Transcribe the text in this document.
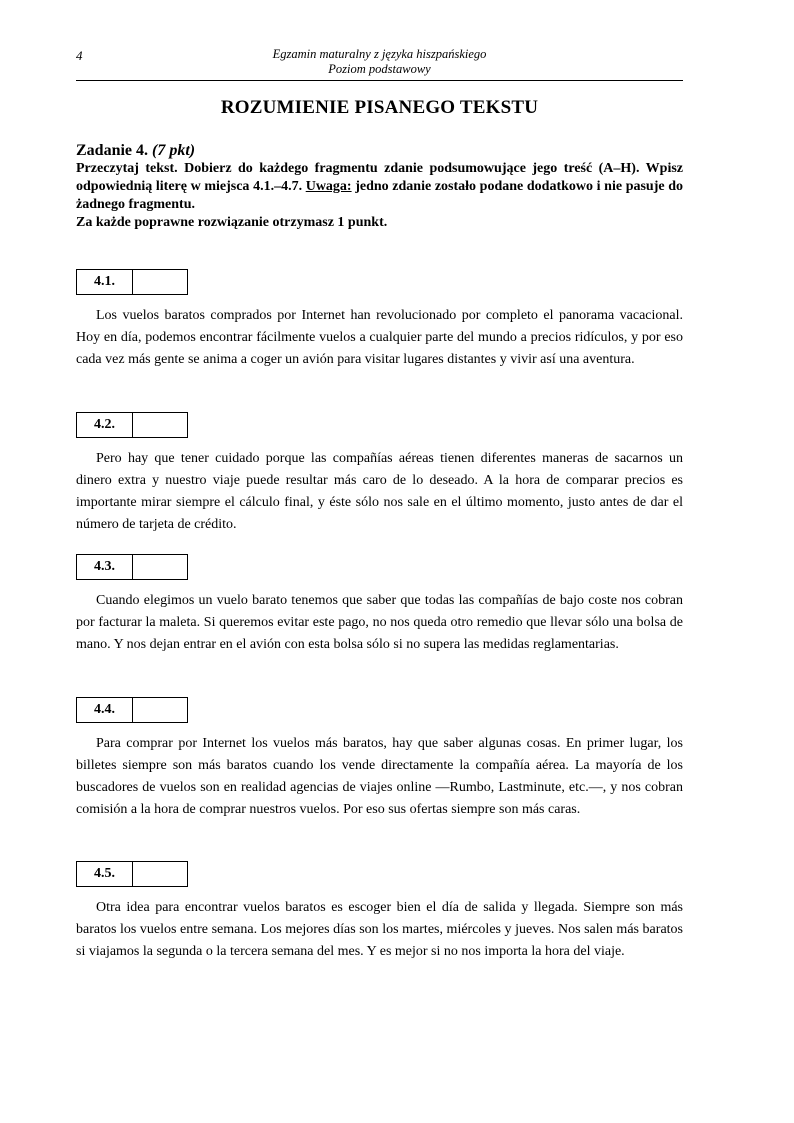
4	Egzamin maturalny z języka hiszpańskiego
Poziom podstawowy
ROZUMIENIE PISANEGO TEKSTU
Zadanie 4. (7 pkt)
Przeczytaj tekst. Dobierz do każdego fragmentu zdanie podsumowujące jego treść (A–H). Wpisz odpowiednią literę w miejsca 4.1.–4.7. Uwaga: jedno zdanie zostało podane dodatkowo i nie pasuje do żadnego fragmentu.
Za każde poprawne rozwiązanie otrzymasz 1 punkt.
4.1.

Los vuelos baratos comprados por Internet han revolucionado por completo el panorama vacacional. Hoy en día, podemos encontrar fácilmente vuelos a cualquier parte del mundo a precios ridículos, y por eso cada vez más gente se anima a coger un avión para visitar lugares distantes y vivir así una aventura.

4.2.

Pero hay que tener cuidado porque las compañías aéreas tienen diferentes maneras de sacarnos un dinero extra y nuestro viaje puede resultar más caro de lo deseado. A la hora de comparar precios es importante mirar siempre el cálculo final, y éste sólo nos sale en el último momento, justo antes de dar el número de tarjeta de crédito.

4.3.

Cuando elegimos un vuelo barato tenemos que saber que todas las compañías de bajo coste nos cobran por facturar la maleta. Si queremos evitar este pago, no nos queda otro remedio que llevar sólo una bolsa de mano. Y nos dejan entrar en el avión con esta bolsa sólo si no supera las medidas reglamentarias.

4.4.

Para comprar por Internet los vuelos más baratos, hay que saber algunas cosas. En primer lugar, los billetes siempre son más baratos cuando los vende directamente la compañía aérea. La mayoría de los buscadores de vuelos son en realidad agencias de viajes online —Rumbo, Lastminute, etc.—, y nos cobran comisión a la hora de comprar nuestros vuelos. Por eso sus ofertas siempre son más caras.

4.5.

Otra idea para encontrar vuelos baratos es escoger bien el día de salida y llegada. Siempre son más baratos los vuelos entre semana. Los mejores días son los martes, miércoles y jueves. Nos salen más baratos si viajamos la segunda o la tercera semana del mes. Y es mejor si no nos importa la hora del viaje.
